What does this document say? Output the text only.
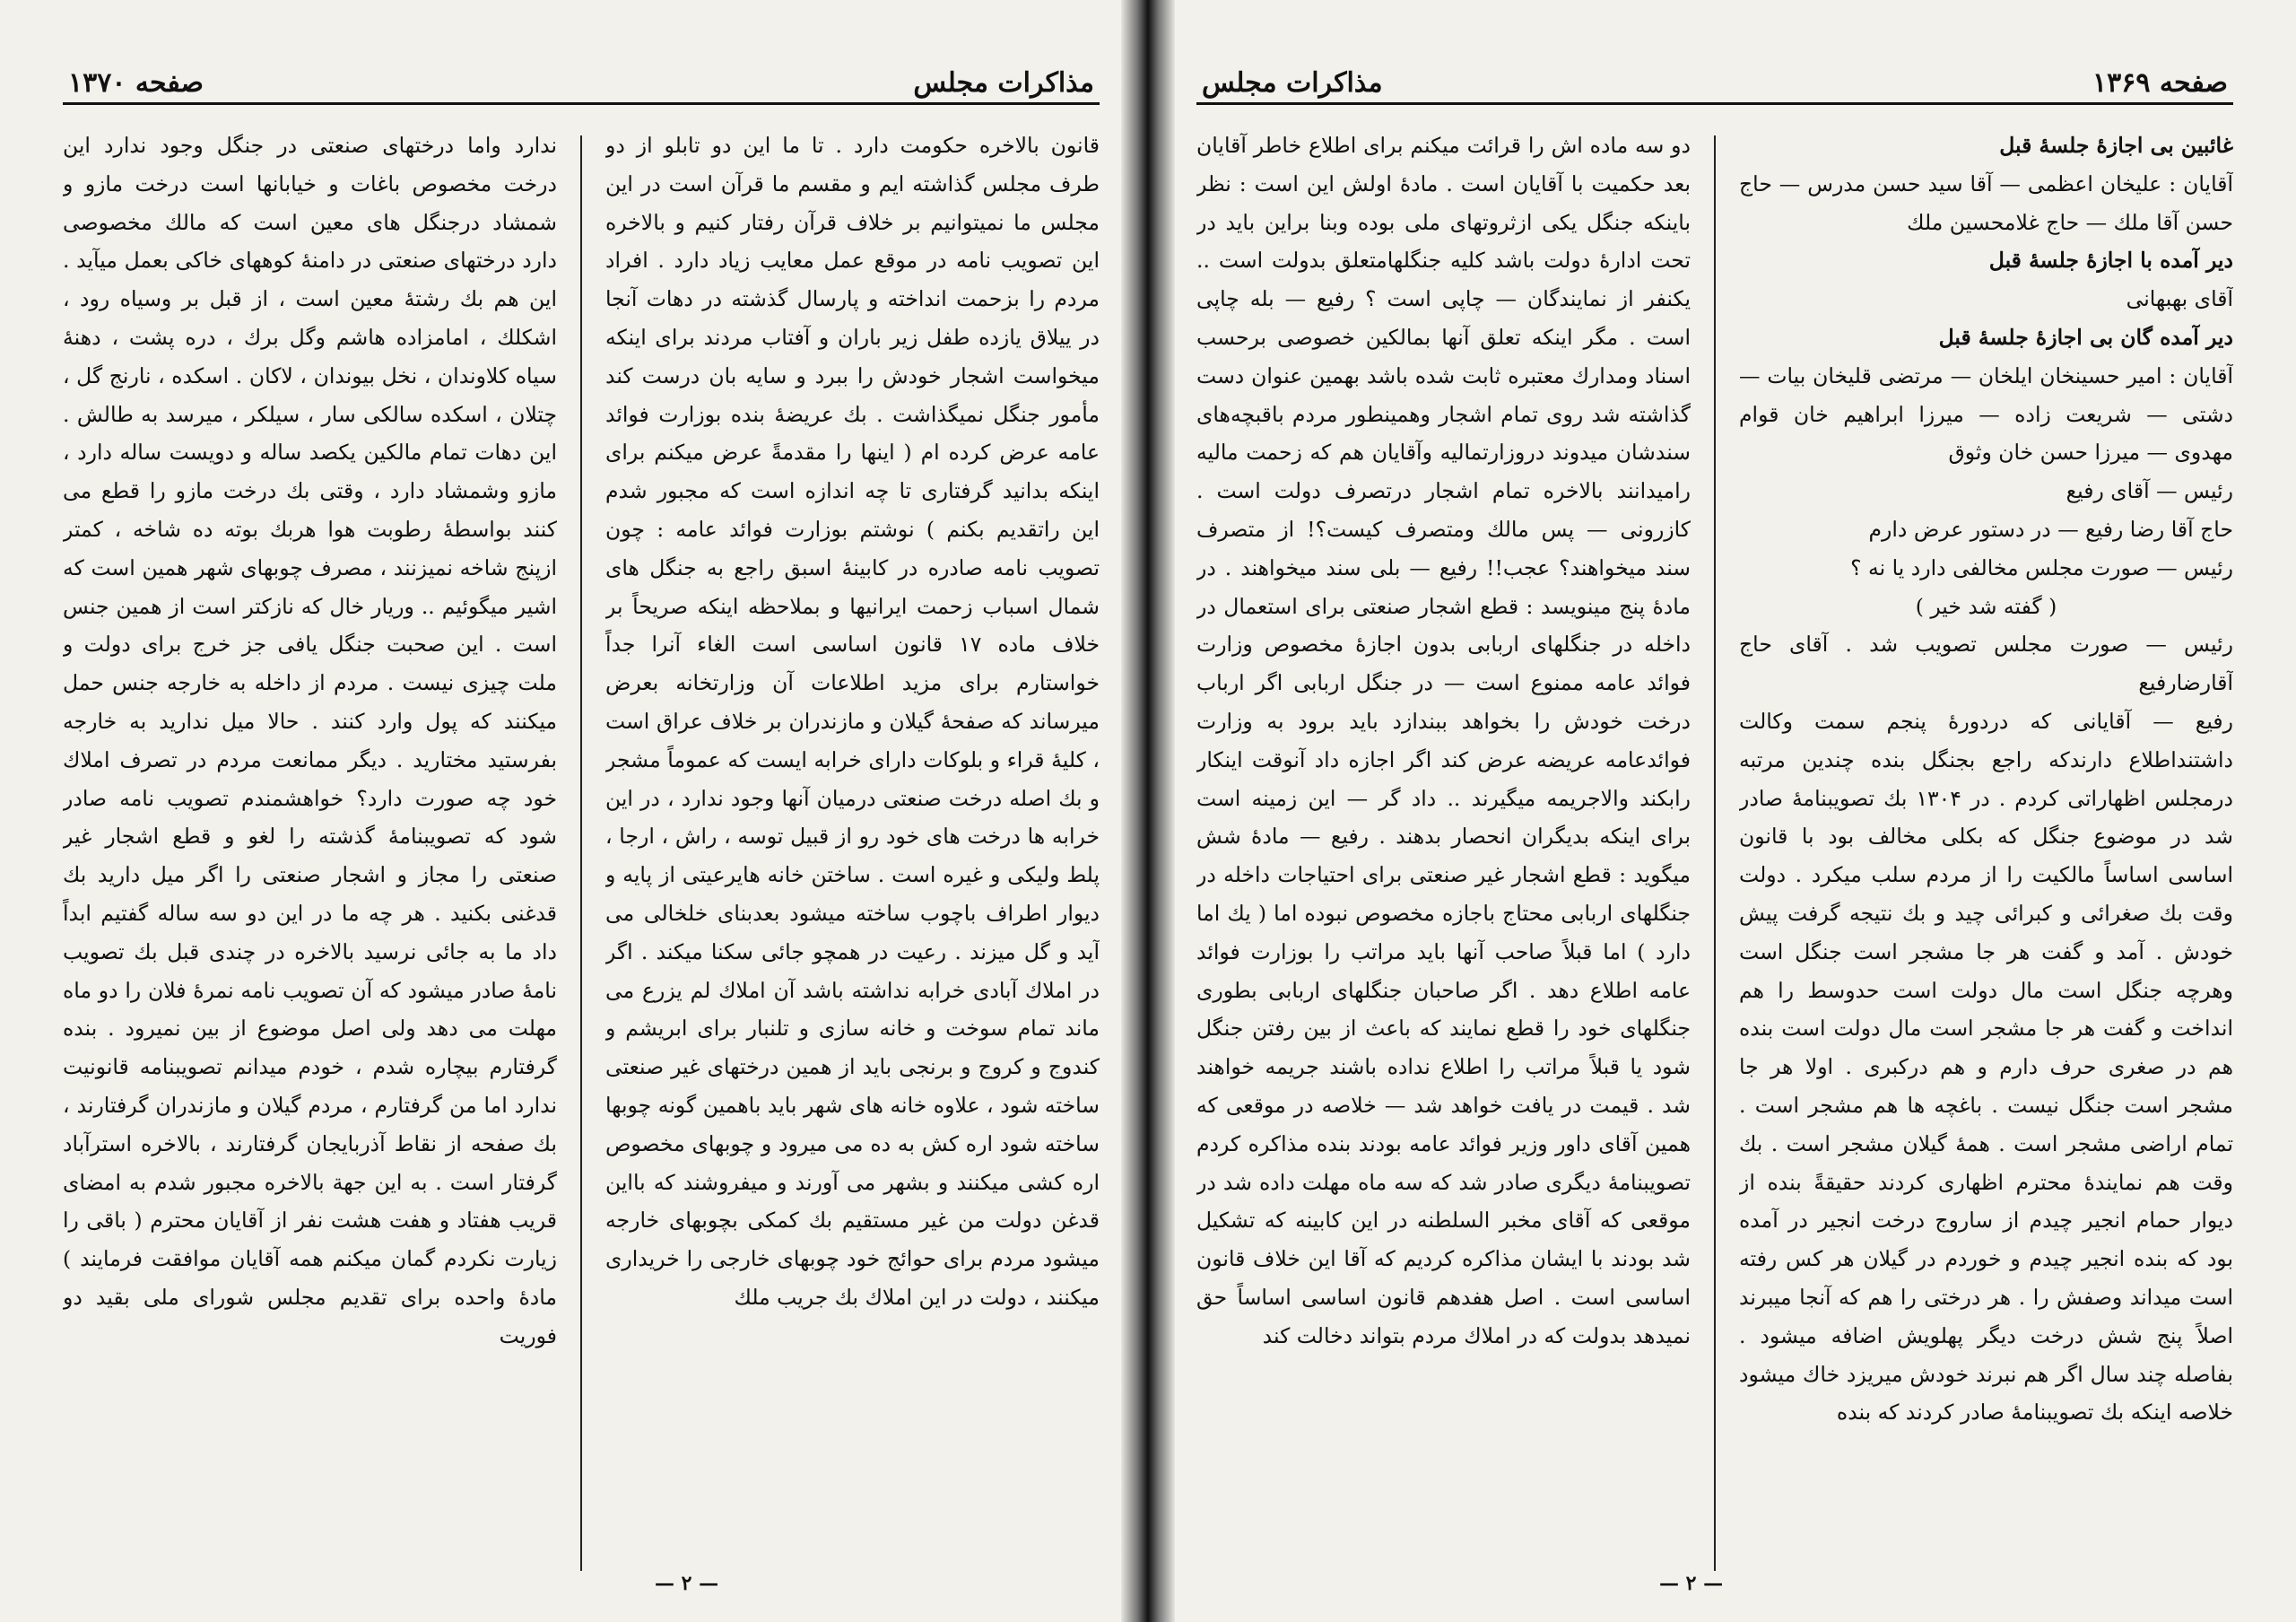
مذاکرات مجلس
صفحه ۱۳۷۰

قانون بالاخره حکومت دارد . تا ما این دو تابلو از دو طرف مجلس گذاشته ایم و مقسم ما قرآن است در این مجلس ما نمیتوانیم بر خلاف قرآن رفتار کنیم و بالاخره این تصویب نامه در موقع عمل معایب زیاد دارد . افراد مردم را بزحمت انداخته و پارسال گذشته در دهات آنجا در ییلاق یازده طفل زیر باران و آفتاب مردند برای اینکه میخواست اشجار خودش را ببرد و سایه بان درست کند مأمور جنگل نمیگذاشت . بك عریضهٔ بنده بوزارت فوائد عامه عرض کرده ام ( اینها را مقدمةً عرض میکنم برای اینکه بدانید گرفتاری تا چه اندازه است که مجبور شدم این راتقدیم بکنم ) نوشتم بوزارت فوائد عامه : چون تصویب نامه صادره در کابینهٔ اسبق راجع به جنگل های شمال اسباب زحمت ایرانیها و بملاحظه اینکه صریحاً بر خلاف ماده ۱۷ قانون اساسی است الغاء آنرا جداً خواستارم برای مزید اطلاعات آن وزارتخانه بعرض میرساند که صفحهٔ گیلان و مازندران بر خلاف عراق است ، کلیهٔ قراء و بلوکات دارای خرابه ایست که عموماً مشجر و بك اصله درخت صنعتی درمیان آنها وجود ندارد ، در این خرابه ها درخت های خود رو از قبیل توسه ، راش ، ارجا ، پلط ولیکی و غیره است . ساختن خانه هایرعیتی از پایه و دیوار اطراف باچوب ساخته میشود بعدبنای خلخالی می آید و گل میزند . رعیت در همچو جائی سکنا میکند . اگر در املاك آبادی خرابه نداشته باشد آن املاك لم یزرع می ماند تمام سوخت و خانه سازی و تلنبار برای ابریشم و کندوج و کروج و برنجی باید از همین درختهای غیر صنعتی ساخته شود ، علاوه خانه های شهر باید باهمین گونه چوبها ساخته شود اره کش به ده می میرود و چوبهای مخصوص اره کشی میکنند و بشهر می آورند و میفروشند که بااین قدغن دولت من غیر مستقیم بك کمکی بچوبهای خارجه میشود مردم برای حوائج خود چوبهای خارجی را خریداری میکنند ، دولت در این املاك بك جریب ملك

ندارد واما درختهای صنعتی در جنگل وجود ندارد این درخت مخصوص باغات و خیابانها است درخت مازو و شمشاد درجنگل های معین است که مالك مخصوصی دارد درختهای صنعتی در دامنهٔ کوههای خاکی بعمل میآید . این هم بك رشتهٔ معین است ، از قبل بر وسیاه رود ، اشکلك ، امامزاده هاشم وگل برك ، دره پشت ، دهنهٔ سیاه کلاوندان ، نخل بیوندان ، لاکان . اسکده ، نارنج گل ، چتلان ، اسکده سالکی سار ، سیلکر ، میرسد به طالش . این دهات تمام مالکین یکصد ساله و دویست ساله دارد ، مازو وشمشاد دارد ، وقتی بك درخت مازو را قطع می کنند بواسطهٔ رطوبت هوا هربك بوته ده شاخه ، کمتر ازپنج شاخه نمیزنند ، مصرف چوبهای شهر همین است که اشیر میگوئیم .. وریار خال که نازکتر است از همین جنس است . این صحبت جنگل یافی جز خرج برای دولت و ملت چیزی نیست . مردم از داخله به خارجه جنس حمل میکنند که پول وارد کنند . حالا میل ندارید به خارجه بفرستید مختارید . دیگر ممانعت مردم در تصرف املاك خود چه صورت دارد؟ خواهشمندم تصویب نامه صادر شود که تصویبنامهٔ گذشته را لغو و قطع اشجار غیر صنعتی را مجاز و اشجار صنعتی را اگر میل دارید بك قدغنی بکنید . هر چه ما در این دو سه ساله گفتیم ابداً داد ما به جائی نرسید بالاخره در چندی قبل بك تصویب نامهٔ صادر میشود که آن تصویب نامه نمرهٔ فلان را دو ماه مهلت می دهد ولی اصل موضوع از بین نمیرود . بنده گرفتارم بیچاره شدم ، خودم میدانم تصویبنامه قانونیت ندارد اما من گرفتارم ، مردم گیلان و مازندران گرفتارند ، بك صفحه از نقاط آذربایجان گرفتارند ، بالاخره استرآباد گرفتار است . به این جهة بالاخره مجبور شدم به امضای قریب هفتاد و هفت هشت نفر از آقایان محترم ( باقی را زیارت نکردم گمان میکنم همه آقایان موافقت فرمایند ) مادهٔ واحده برای تقدیم مجلس شورای ملی بقید دو فوریت

— ۲ —
صفحه ۱۳۶۹
مذاکرات مجلس

غائبین بی اجازهٔ جلسهٔ قبل

آقایان : علیخان اعظمی — آقا سید حسن مدرس — حاج حسن آقا ملك — حاج غلامحسین ملك

دیر آمده با اجازهٔ جلسهٔ قبل

آقای بهبهانی

دیر آمده گان بی اجازهٔ جلسهٔ قبل

آقایان : امیر حسینخان ایلخان — مرتضی قلیخان بیات — دشتی — شریعت زاده — میرزا ابراهیم خان قوام مهدوی — میرزا حسن خان وثوق

رئیس — آقای رفیع

حاج آقا رضا رفیع — در دستور عرض دارم

رئیس — صورت مجلس مخالفی دارد یا نه ؟

( گفته شد خیر )

رئیس — صورت مجلس تصویب شد . آقای حاج آقارضارفیع

رفیع — آقایانی که دردورهٔ پنجم سمت وکالت داشتنداطلاع دارندکه راجع بجنگل بنده چندین مرتبه درمجلس اظهاراتی کردم . در ۱۳۰۴ بك تصویبنامهٔ صادر شد در موضوع جنگل که بکلی مخالف بود با قانون اساسی اساساً مالکیت را از مردم سلب میکرد . دولت وقت بك صغرائی و کبرائی چید و بك نتیجه گرفت پیش خودش . آمد و گفت هر جا مشجر است جنگل است وهرچه جنگل است مال دولت است حدوسط را هم انداخت و گفت هر جا مشجر است مال دولت است بنده هم در صغری حرف دارم و هم درکبری . اولا هر جا مشجر است جنگل نیست . باغچه ها هم مشجر است . تمام اراضی مشجر است . همهٔ گیلان مشجر است . بك وقت هم نمایندهٔ محترم اظهاری کردند حقیقةً بنده از دیوار حمام انجیر چیدم از ساروج درخت انجیر در آمده بود که بنده انجیر چیدم و خوردم در گیلان هر کس رفته است میداند وصفش را . هر درختی را هم که آنجا میبرند اصلاً پنج شش درخت دیگر پهلویش اضافه میشود . بفاصله چند سال اگر هم نبرند خودش میریزد خاك میشود خلاصه اینکه بك تصویبنامهٔ صادر کردند که بنده

دو سه ماده اش را قرائت میکنم برای اطلاع خاطر آقایان بعد حکمیت با آقایان است . مادهٔ اولش این است : نظر باینکه جنگل یکی ازثروتهای ملی بوده وبنا براین باید در تحت ادارهٔ دولت باشد کلیه جنگلهامتعلق بدولت است .. یکنفر از نمایندگان — چاپی است ؟ رفیع — بله چاپی است . مگر اینکه تعلق آنها بمالکین خصوصی برحسب اسناد ومدارك معتبره ثابت شده باشد بهمین عنوان دست گذاشته شد روی تمام اشجار وهمینطور مردم باقبچه‌های سندشان میدوند دروزارتمالیه وآقایان هم که زحمت مالیه رامیدانند بالاخره تمام اشجار درتصرف دولت است . کازرونی — پس مالك ومتصرف کیست؟! از متصرف سند میخواهند؟ عجب!! رفیع — بلی سند میخواهند . در مادهٔ پنج مینویسد : قطع اشجار صنعتی برای استعمال در داخله در جنگلهای اربابی بدون اجازهٔ مخصوص وزارت فوائد عامه ممنوع است — در جنگل اربابی اگر ارباب درخت خودش را بخواهد ببندازد باید برود به وزارت فوائدعامه عریضه عرض کند اگر اجازه داد آنوقت اینکار رابکند والاجریمه میگیرند .. داد گر — این زمینه است برای اینکه بدیگران انحصار بدهند . رفیع — مادهٔ شش میگوید : قطع اشجار غیر صنعتی برای احتیاجات داخله در جنگلهای اربابی محتاج باجازه مخصوص نبوده اما ( یك اما دارد ) اما قبلاً صاحب آنها باید مراتب را بوزارت فوائد عامه اطلاع دهد . اگر صاحبان جنگلهای اربابی بطوری جنگلهای خود را قطع نمایند که باعث از بین رفتن جنگل شود یا قبلاً مراتب را اطلاع نداده باشند جریمه خواهند شد . قیمت در یافت خواهد شد — خلاصه در موقعی که همین آقای داور وزیر فوائد عامه بودند بنده مذاکره کردم تصویبنامهٔ دیگری صادر شد که سه ماه مهلت داده شد در موقعی که آقای مخبر السلطنه در این کابینه که تشکیل شد بودند با ایشان مذاکره کردیم که آقا این خلاف قانون اساسی است . اصل هفدهم قانون اساسی اساساً حق نمیدهد بدولت که در املاك مردم بتواند دخالت کند

— ۲ —
